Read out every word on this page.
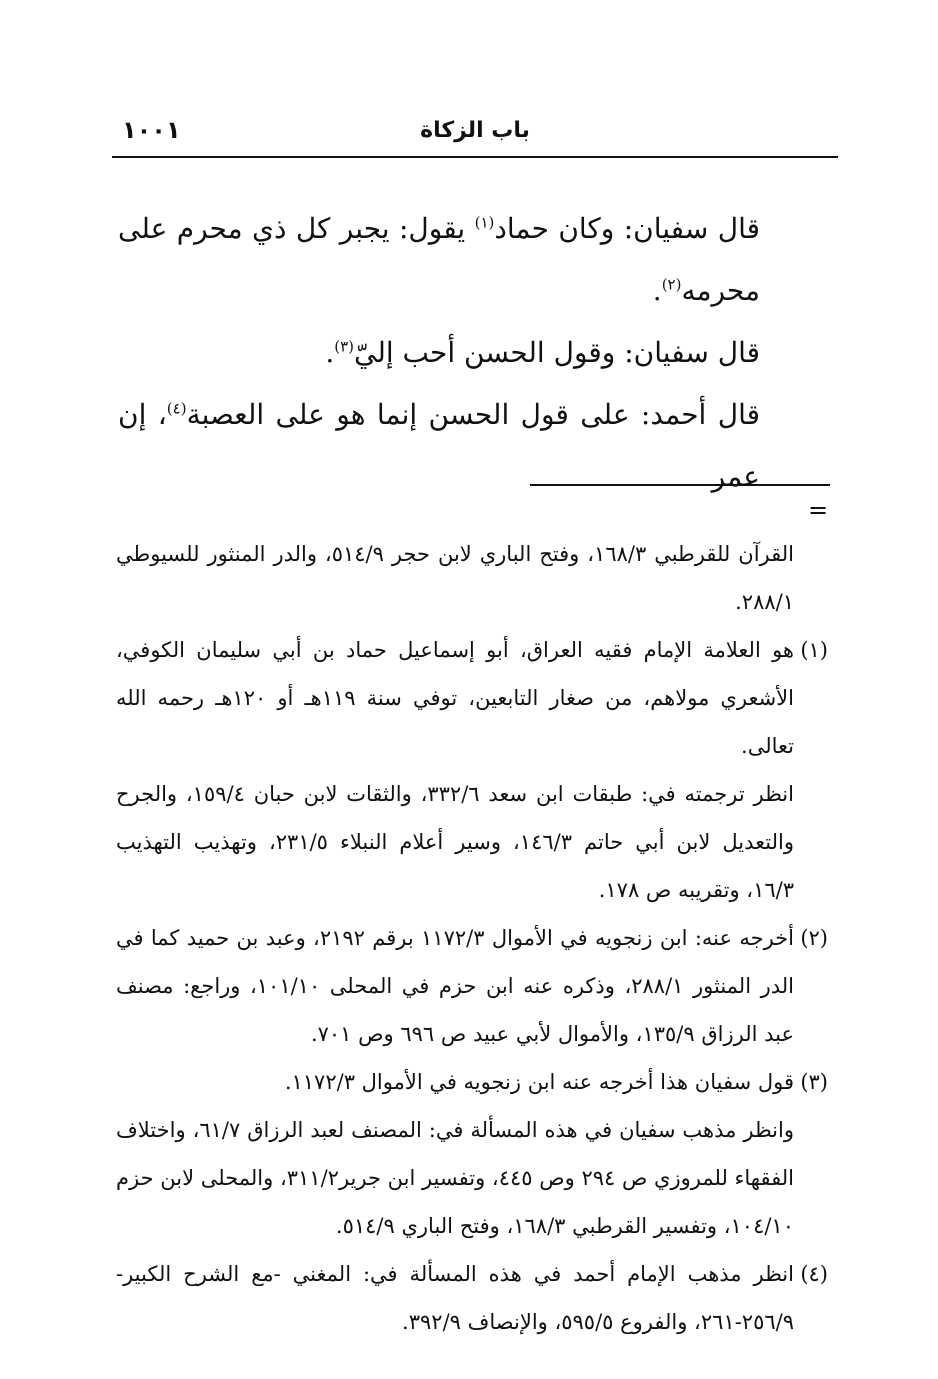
باب الزكاة
١٠٠١

قال سفيان: وكان حماد$^{(١)}$ يقول: يجبر كل ذي محرم على محرمه$^{(٢)}$.

قال سفيان: وقول الحسن أحب إليّ$^{(٣)}$.

قال أحمد: على قول الحسن إنما هو على العصبة$^{(٤)}$، إن عمر

=

القرآن للقرطبي ١٦٨/٣، وفتح الباري لابن حجر ٥١٤/٩، والدر المنثور للسيوطي ٢٨٨/١.

(١)
هو العلامة الإمام فقيه العراق، أبو إسماعيل حماد بن أبي سليمان الكوفي، الأشعري مولاهم، من صغار التابعين، توفي سنة ١١٩هـ أو ١٢٠هـ رحمه الله تعالى.

انظر ترجمته في: طبقات ابن سعد ٣٣٢/٦، والثقات لابن حبان ١٥٩/٤، والجرح والتعديل لابن أبي حاتم ١٤٦/٣، وسير أعلام النبلاء ٢٣١/٥، وتهذيب التهذيب ١٦/٣، وتقريبه ص ١٧٨.

(٢)
أخرجه عنه: ابن زنجويه في الأموال ١١٧٢/٣ برقم ٢١٩٢، وعبد بن حميد كما في الدر المنثور ٢٨٨/١، وذكره عنه ابن حزم في المحلى ١٠١/١٠، وراجع: مصنف عبد الرزاق ١٣٥/٩، والأموال لأبي عبيد ص ٦٩٦ وص ٧٠١.
(٣)
قول سفيان هذا أخرجه عنه ابن زنجويه في الأموال ١١٧٢/٣.

وانظر مذهب سفيان في هذه المسألة في: المصنف لعبد الرزاق ٦١/٧، واختلاف الفقهاء للمروزي ص ٢٩٤ وص ٤٤٥، وتفسير ابن جرير٣١١/٢، والمحلى لابن حزم ١٠٤/١٠، وتفسير القرطبي ١٦٨/٣، وفتح الباري ٥١٤/٩.

(٤)
انظر مذهب الإمام أحمد في هذه المسألة في: المغني -مع الشرح الكبير- ٢٥٦/٩-٢٦١، والفروع ٥٩٥/٥، والإنصاف ٣٩٢/٩.
